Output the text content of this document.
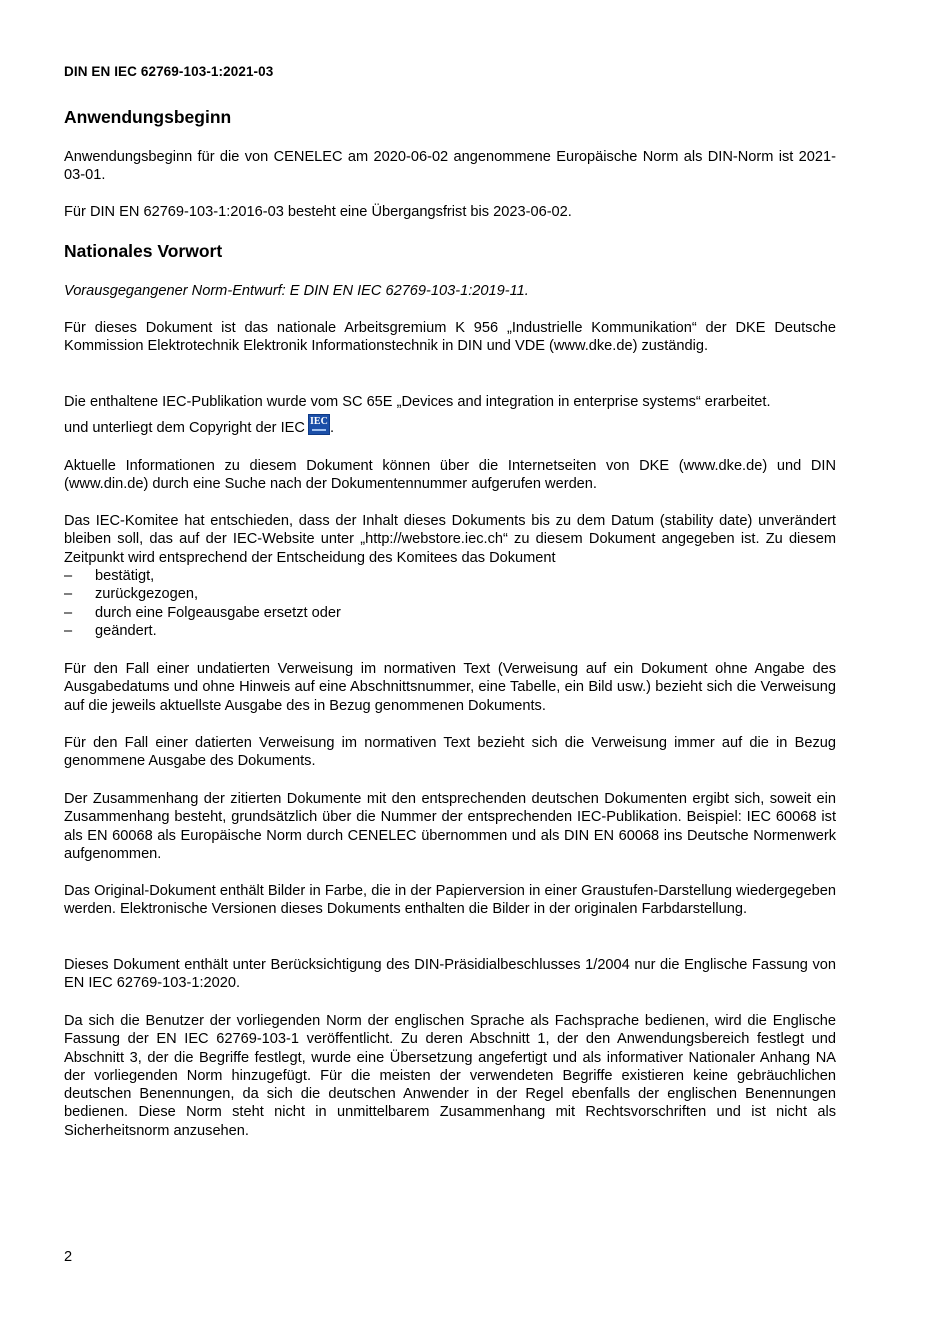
DIN EN IEC 62769-103-1:2021-03
Anwendungsbeginn

Anwendungsbeginn für die von CENELEC am 2020-06-02 angenommene Europäische Norm als DIN-Norm ist 2021-03-01.

Für DIN EN 62769-103-1:2016-03 besteht eine Übergangsfrist bis 2023-06-02.

Nationales Vorwort

Vorausgegangener Norm-Entwurf: E DIN EN IEC 62769-103-1:2019-11.

Für dieses Dokument ist das nationale Arbeitsgremium K 956 „Industrielle Kommunikation“ der DKE Deutsche Kommission Elektrotechnik Elektronik Informationstechnik in DIN und VDE (www.dke.de) zuständig.

Die enthaltene IEC-Publikation wurde vom SC 65E „Devices and integration in enterprise systems“ erarbeitet.
und unterliegt dem Copyright der IEC IEC .

Aktuelle Informationen zu diesem Dokument können über die Internetseiten von DKE (www.dke.de) und DIN (www.din.de) durch eine Suche nach der Dokumentennummer aufgerufen werden.

Das IEC-Komitee hat entschieden, dass der Inhalt dieses Dokuments bis zu dem Datum (stability date) unverändert bleiben soll, das auf der IEC-Website unter „http://webstore.iec.ch“ zu diesem Dokument angegeben ist. Zu diesem Zeitpunkt wird entsprechend der Entscheidung des Komitees das Dokument

– bestätigt,
– zurückgezogen,
– durch eine Folgeausgabe ersetzt oder
– geändert.

Für den Fall einer undatierten Verweisung im normativen Text (Verweisung auf ein Dokument ohne Angabe des Ausgabedatums und ohne Hinweis auf eine Abschnittsnummer, eine Tabelle, ein Bild usw.) bezieht sich die Verweisung auf die jeweils aktuellste Ausgabe des in Bezug genommenen Dokuments.

Für den Fall einer datierten Verweisung im normativen Text bezieht sich die Verweisung immer auf die in Bezug genommene Ausgabe des Dokuments.

Der Zusammenhang der zitierten Dokumente mit den entsprechenden deutschen Dokumenten ergibt sich, soweit ein Zusammenhang besteht, grundsätzlich über die Nummer der entsprechenden IEC-Publikation. Beispiel: IEC 60068 ist als EN 60068 als Europäische Norm durch CENELEC übernommen und als DIN EN 60068 ins Deutsche Normenwerk aufgenommen.

Das Original-Dokument enthält Bilder in Farbe, die in der Papierversion in einer Graustufen-Darstellung wiedergegeben werden. Elektronische Versionen dieses Dokuments enthalten die Bilder in der originalen Farbdarstellung.

Dieses Dokument enthält unter Berücksichtigung des DIN-Präsidialbeschlusses 1/2004 nur die Englische Fassung von EN IEC 62769-103-1:2020.

Da sich die Benutzer der vorliegenden Norm der englischen Sprache als Fachsprache bedienen, wird die Englische Fassung der EN IEC 62769-103-1 veröffentlicht. Zu deren Abschnitt 1, der den Anwendungsbereich festlegt und Abschnitt 3, der die Begriffe festlegt, wurde eine Übersetzung angefertigt und als informativer Nationaler Anhang NA der vorliegenden Norm hinzugefügt. Für die meisten der verwendeten Begriffe existieren keine gebräuchlichen deutschen Benennungen, da sich die deutschen Anwender in der Regel ebenfalls der englischen Benennungen bedienen. Diese Norm steht nicht in unmittelbarem Zusammenhang mit Rechtsvorschriften und ist nicht als Sicherheitsnorm anzusehen.

2
